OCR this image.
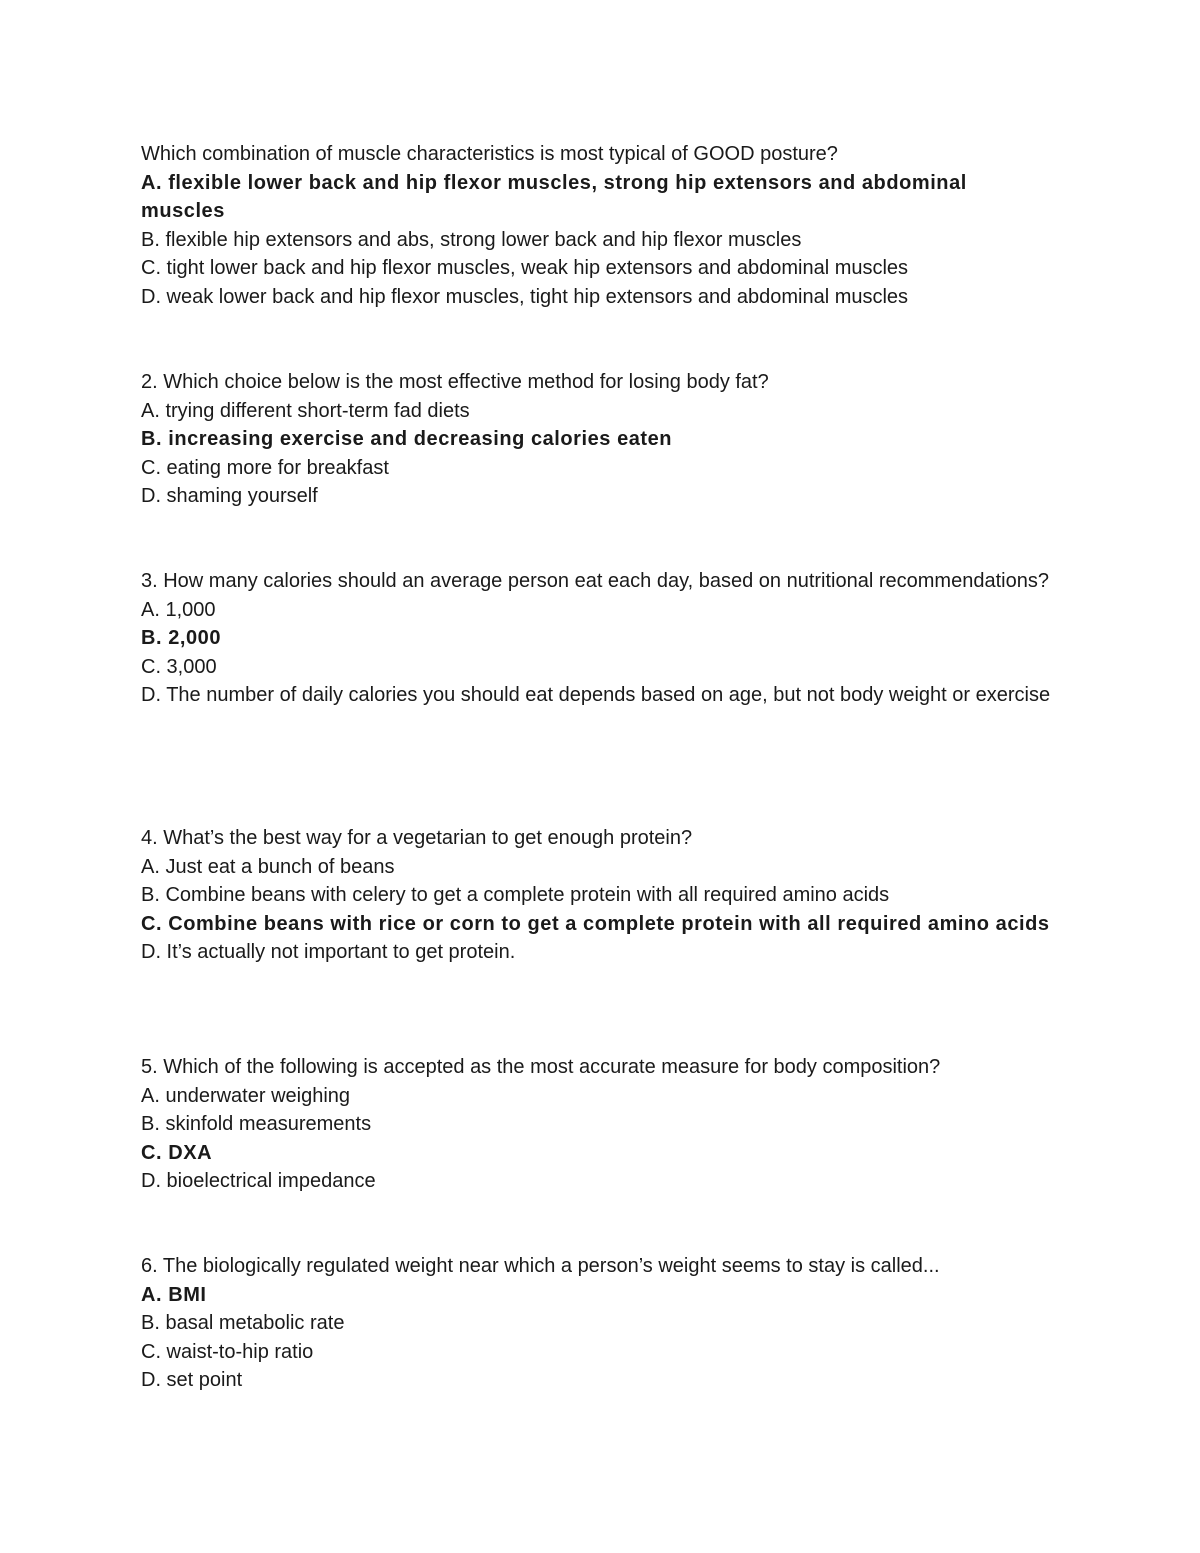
Which combination of muscle characteristics is most typical of GOOD posture?

A. flexible lower back and hip flexor muscles, strong hip extensors and abdominal muscles

B. flexible hip extensors and abs, strong lower back and hip flexor muscles

C. tight lower back and hip flexor muscles, weak hip extensors and abdominal muscles

D. weak lower back and hip flexor muscles, tight hip extensors and abdominal muscles

2. Which choice below is the most effective method for losing body fat?

A. trying different short-term fad diets

B. increasing exercise and decreasing calories eaten

C. eating more for breakfast

D. shaming yourself

3. How many calories should an average person eat each day, based on nutritional recommendations?

A. 1,000

B. 2,000

C. 3,000

D. The number of daily calories you should eat depends based on age, but not body weight or exercise

4. What’s the best way for a vegetarian to get enough protein?

A. Just eat a bunch of beans

B. Combine beans with celery to get a complete protein with all required amino acids

C. Combine beans with rice or corn to get a complete protein with all required amino acids

D. It’s actually not important to get protein.

5. Which of the following is accepted as the most accurate measure for body composition?

A. underwater weighing

B. skinfold measurements

C. DXA

D. bioelectrical impedance

6. The biologically regulated weight near which a person’s weight seems to stay is called...

A. BMI

B. basal metabolic rate

C. waist-to-hip ratio

D. set point
